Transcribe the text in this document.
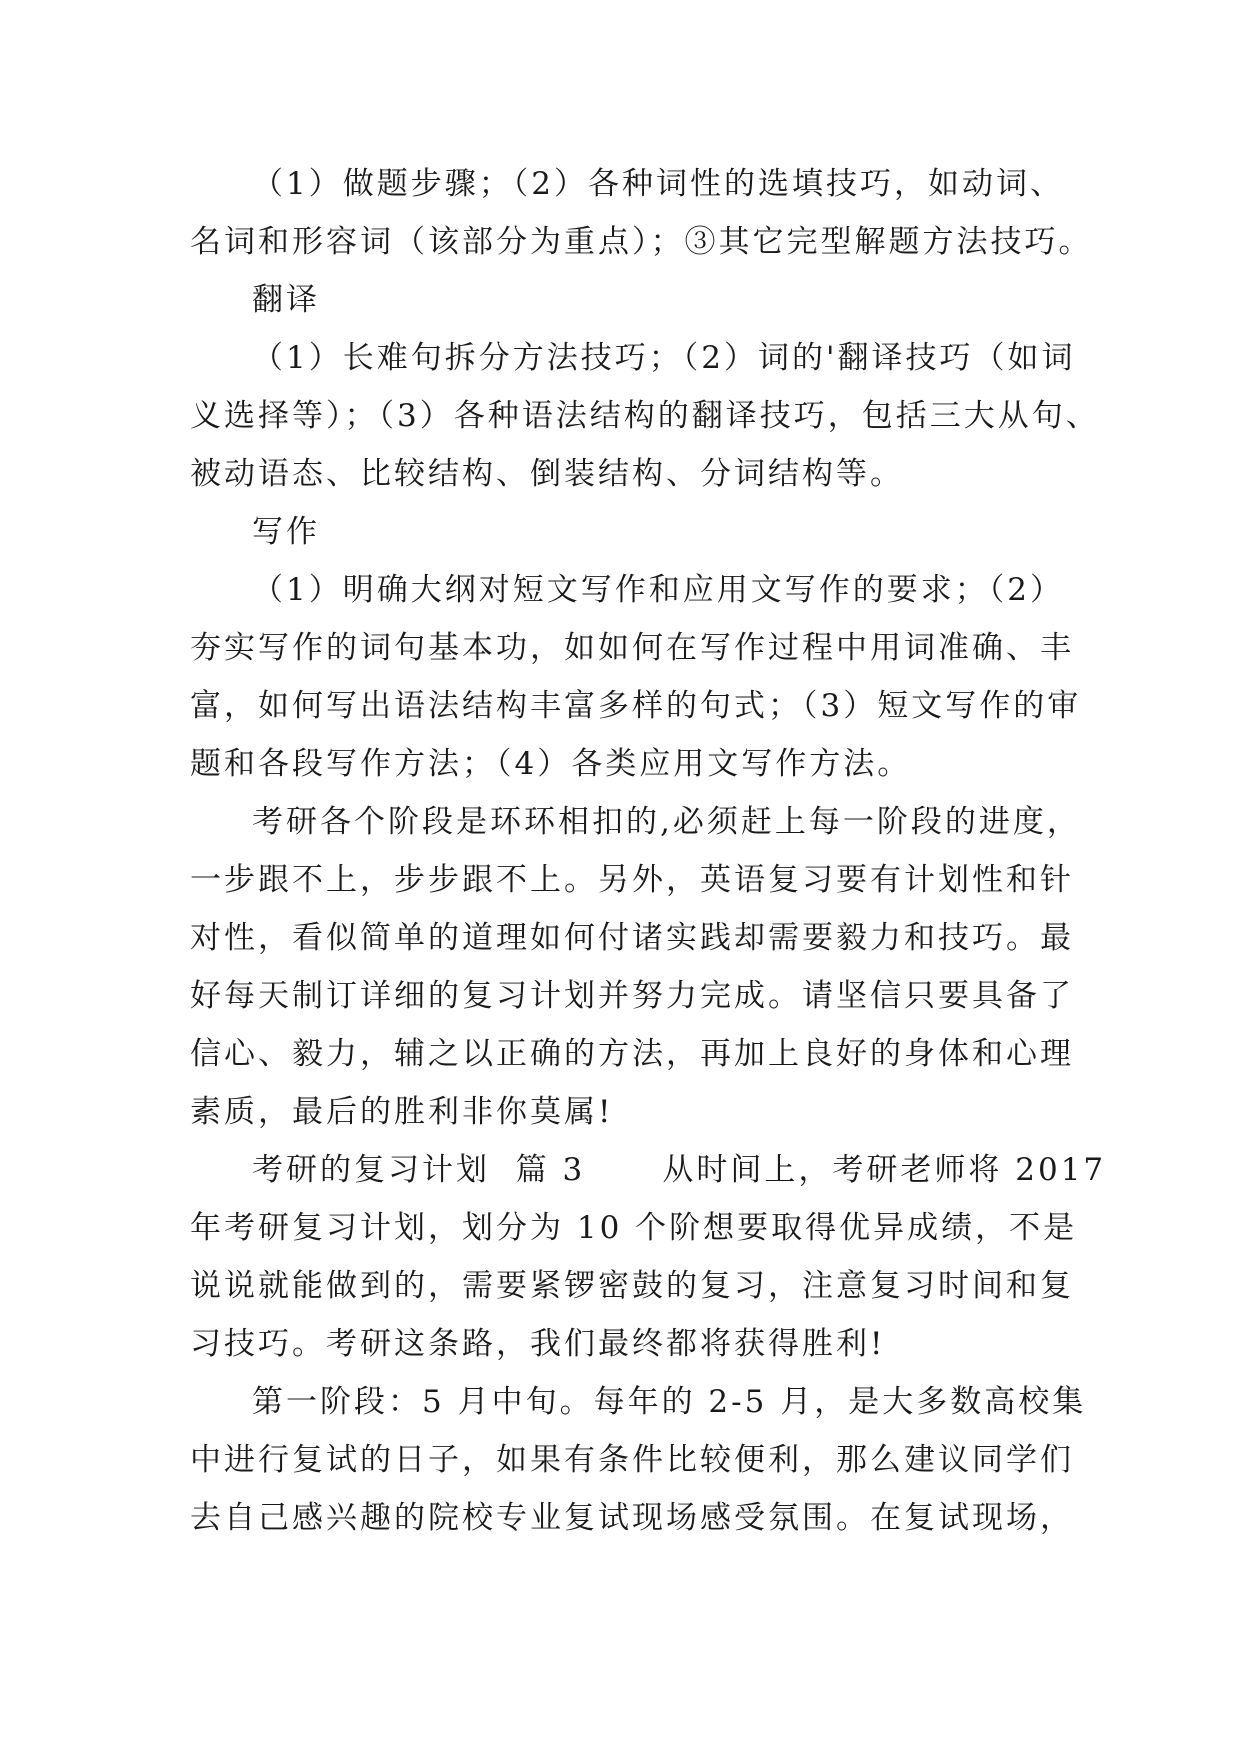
（1）做题步骤；（2）各种词性的选填技巧，如动词、
名词和形容词（该部分为重点）；③其它完型解题方法技巧。
翻译
（1）长难句拆分方法技巧；（2）词的'翻译技巧（如词
义选择等）；（3）各种语法结构的翻译技巧，包括三大从句、
被动语态、比较结构、倒装结构、分词结构等。
写作
（1）明确大纲对短文写作和应用文写作的要求；（2）
夯实写作的词句基本功，如如何在写作过程中用词准确、丰
富，如何写出语法结构丰富多样的句式；（3）短文写作的审
题和各段写作方法；（4）各类应用文写作方法。
考研各个阶段是环环相扣的,必须赶上每一阶段的进度，
一步跟不上，步步跟不上。另外，英语复习要有计划性和针
对性，看似简单的道理如何付诸实践却需要毅力和技巧。最
好每天制订详细的复习计划并努力完成。请坚信只要具备了
信心、毅力，辅之以正确的方法，再加上良好的身体和心理
素质，最后的胜利非你莫属!
考研的复习计划  篇 3      从时间上，考研老师将 2017
年考研复习计划，划分为 10 个阶想要取得优异成绩，不是
说说就能做到的，需要紧锣密鼓的复习，注意复习时间和复
习技巧。考研这条路，我们最终都将获得胜利!
第一阶段：5 月中旬。每年的 2-5 月，是大多数高校集
中进行复试的日子，如果有条件比较便利，那么建议同学们
去自己感兴趣的院校专业复试现场感受氛围。在复试现场，
